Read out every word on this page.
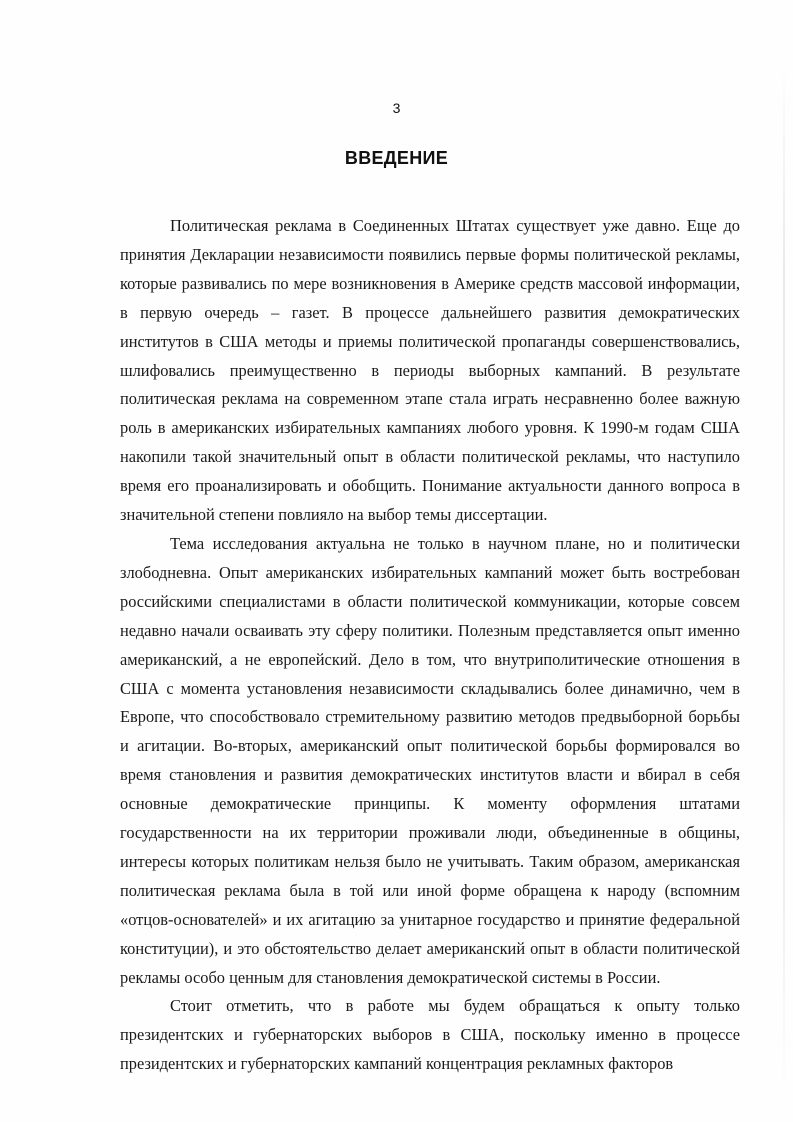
3
ВВЕДЕНИЕ

Политическая реклама в Соединенных Штатах существует уже давно. Еще до принятия Декларации независимости появились первые формы политической рекламы, которые развивались по мере возникновения в Америке средств массовой информации, в первую очередь – газет. В процессе дальнейшего развития демократических институтов в США методы и приемы политической пропаганды совершенствовались, шлифовались преимущественно в периоды выборных кампаний. В результате политическая реклама на современном этапе стала играть несравненно более важную роль в американских избирательных кампаниях любого уровня. К 1990-м годам США накопили такой значительный опыт в области политической рекламы, что наступило время его проанализировать и обобщить. Понимание актуальности данного вопроса в значительной степени повлияло на выбор темы диссертации.

Тема исследования актуальна не только в научном плане, но и политически злободневна. Опыт американских избирательных кампаний может быть востребован российскими специалистами в области политической коммуникации, которые совсем недавно начали осваивать эту сферу политики. Полезным представляется опыт именно американский, а не европейский. Дело в том, что внутриполитические отношения в США с момента установления независимости складывались более динамично, чем в Европе, что способствовало стремительному развитию методов предвыборной борьбы и агитации. Во-вторых, американский опыт политической борьбы формировался во время становления и развития демократических институтов власти и вбирал в себя основные демократические принципы. К моменту оформления штатами государственности на их территории проживали люди, объединенные в общины, интересы которых политикам нельзя было не учитывать. Таким образом, американская политическая реклама была в той или иной форме обращена к народу (вспомним «отцов-основателей» и их агитацию за унитарное государство и принятие федеральной конституции), и это обстоятельство делает американский опыт в области политической рекламы особо ценным для становления демократической системы в России.

Стоит отметить, что в работе мы будем обращаться к опыту только президентских и губернаторских выборов в США, поскольку именно в процессе президентских и губернаторских кампаний концентрация рекламных факторов
